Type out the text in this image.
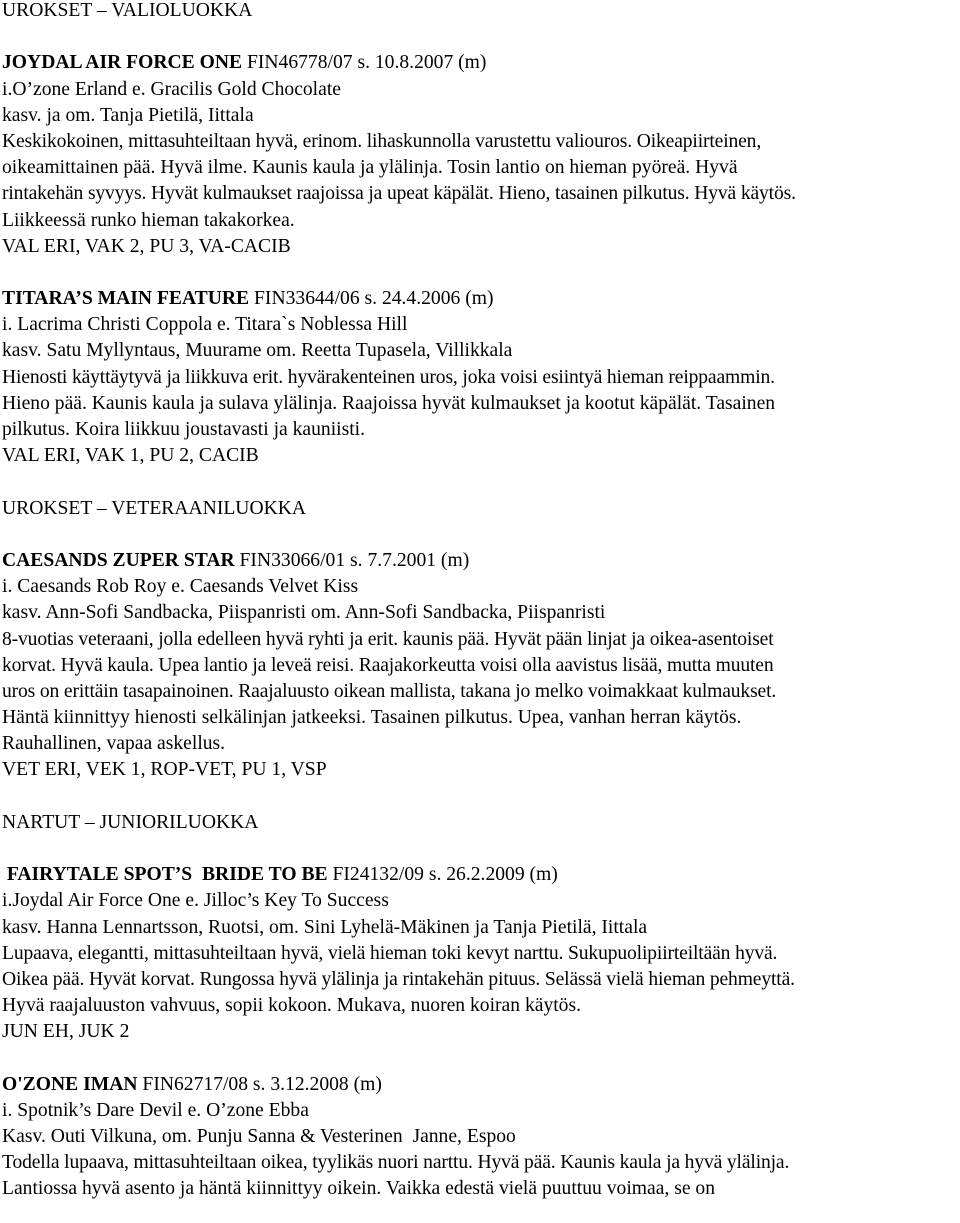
UROKSET – VALIOLUOKKA
JOYDAL AIR FORCE ONE FIN46778/07 s. 10.8.2007 (m)
i.O’zone Erland e. Gracilis Gold Chocolate
kasv. ja om. Tanja Pietilä, Iittala
Keskikokoinen, mittasuhteiltaan hyvä, erinom. lihaskunnolla varustettu valiouros. Oikeapiirteinen,
oikeamittainen pää. Hyvä ilme. Kaunis kaula ja ylälinja. Tosin lantio on hieman pyöreä. Hyvä
rintakehän syvyys. Hyvät kulmaukset raajoissa ja upeat käpälät. Hieno, tasainen pilkutus. Hyvä käytös.
Liikkeessä runko hieman takakorkea.
VAL ERI, VAK 2, PU 3, VA-CACIB
TITARA’S MAIN FEATURE FIN33644/06 s. 24.4.2006 (m)
i. Lacrima Christi Coppola e. Titara`s Noblessa Hill
kasv. Satu Myllyntaus, Muurame om. Reetta Tupasela, Villikkala
Hienosti käyttäytyvä ja liikkuva erit. hyvärakenteinen uros, joka voisi esiintyä hieman reippaammin.
Hieno pää. Kaunis kaula ja sulava ylälinja. Raajoissa hyvät kulmaukset ja kootut käpälät. Tasainen
pilkutus. Koira liikkuu joustavasti ja kauniisti.
VAL ERI, VAK 1, PU 2, CACIB
UROKSET – VETERAANILUOKKA
CAESANDS ZUPER STAR FIN33066/01 s. 7.7.2001 (m)
i. Caesands Rob Roy e. Caesands Velvet Kiss
kasv. Ann-Sofi Sandbacka, Piispanristi om. Ann-Sofi Sandbacka, Piispanristi
8-vuotias veteraani, jolla edelleen hyvä ryhti ja erit. kaunis pää. Hyvät pään linjat ja oikea-asentoiset
korvat. Hyvä kaula. Upea lantio ja leveä reisi. Raajakorkeutta voisi olla aavistus lisää, mutta muuten
uros on erittäin tasapainoinen. Raajaluusto oikean mallista, takana jo melko voimakkaat kulmaukset.
Häntä kiinnittyy hienosti selkälinjan jatkeeksi. Tasainen pilkutus. Upea, vanhan herran käytös.
Rauhallinen, vapaa askellus.
VET ERI, VEK 1, ROP-VET, PU 1, VSP
NARTUT – JUNIORILUOKKA
FAIRYTALE SPOT’S  BRIDE TO BE FI24132/09 s. 26.2.2009 (m)
i.Joydal Air Force One e. Jilloc’s Key To Success
kasv. Hanna Lennartsson, Ruotsi, om. Sini Lyhelä-Mäkinen ja Tanja Pietilä, Iittala
Lupaava, elegantti, mittasuhteiltaan hyvä, vielä hieman toki kevyt narttu. Sukupuolipiirteiltään hyvä.
Oikea pää. Hyvät korvat. Rungossa hyvä ylälinja ja rintakehän pituus. Selässä vielä hieman pehmeyttä.
Hyvä raajaluuston vahvuus, sopii kokoon. Mukava, nuoren koiran käytös.
JUN EH, JUK 2
O'ZONE IMAN FIN62717/08 s. 3.12.2008 (m)
i. Spotnik’s Dare Devil e. O’zone Ebba
Kasv. Outi Vilkuna, om. Punju Sanna & Vesterinen  Janne, Espoo
Todella lupaava, mittasuhteiltaan oikea, tyylikäs nuori narttu. Hyvä pää. Kaunis kaula ja hyvä ylälinja.
Lantiossa hyvä asento ja häntä kiinnittyy oikein. Vaikka edestä vielä puuttuu voimaa, se on
